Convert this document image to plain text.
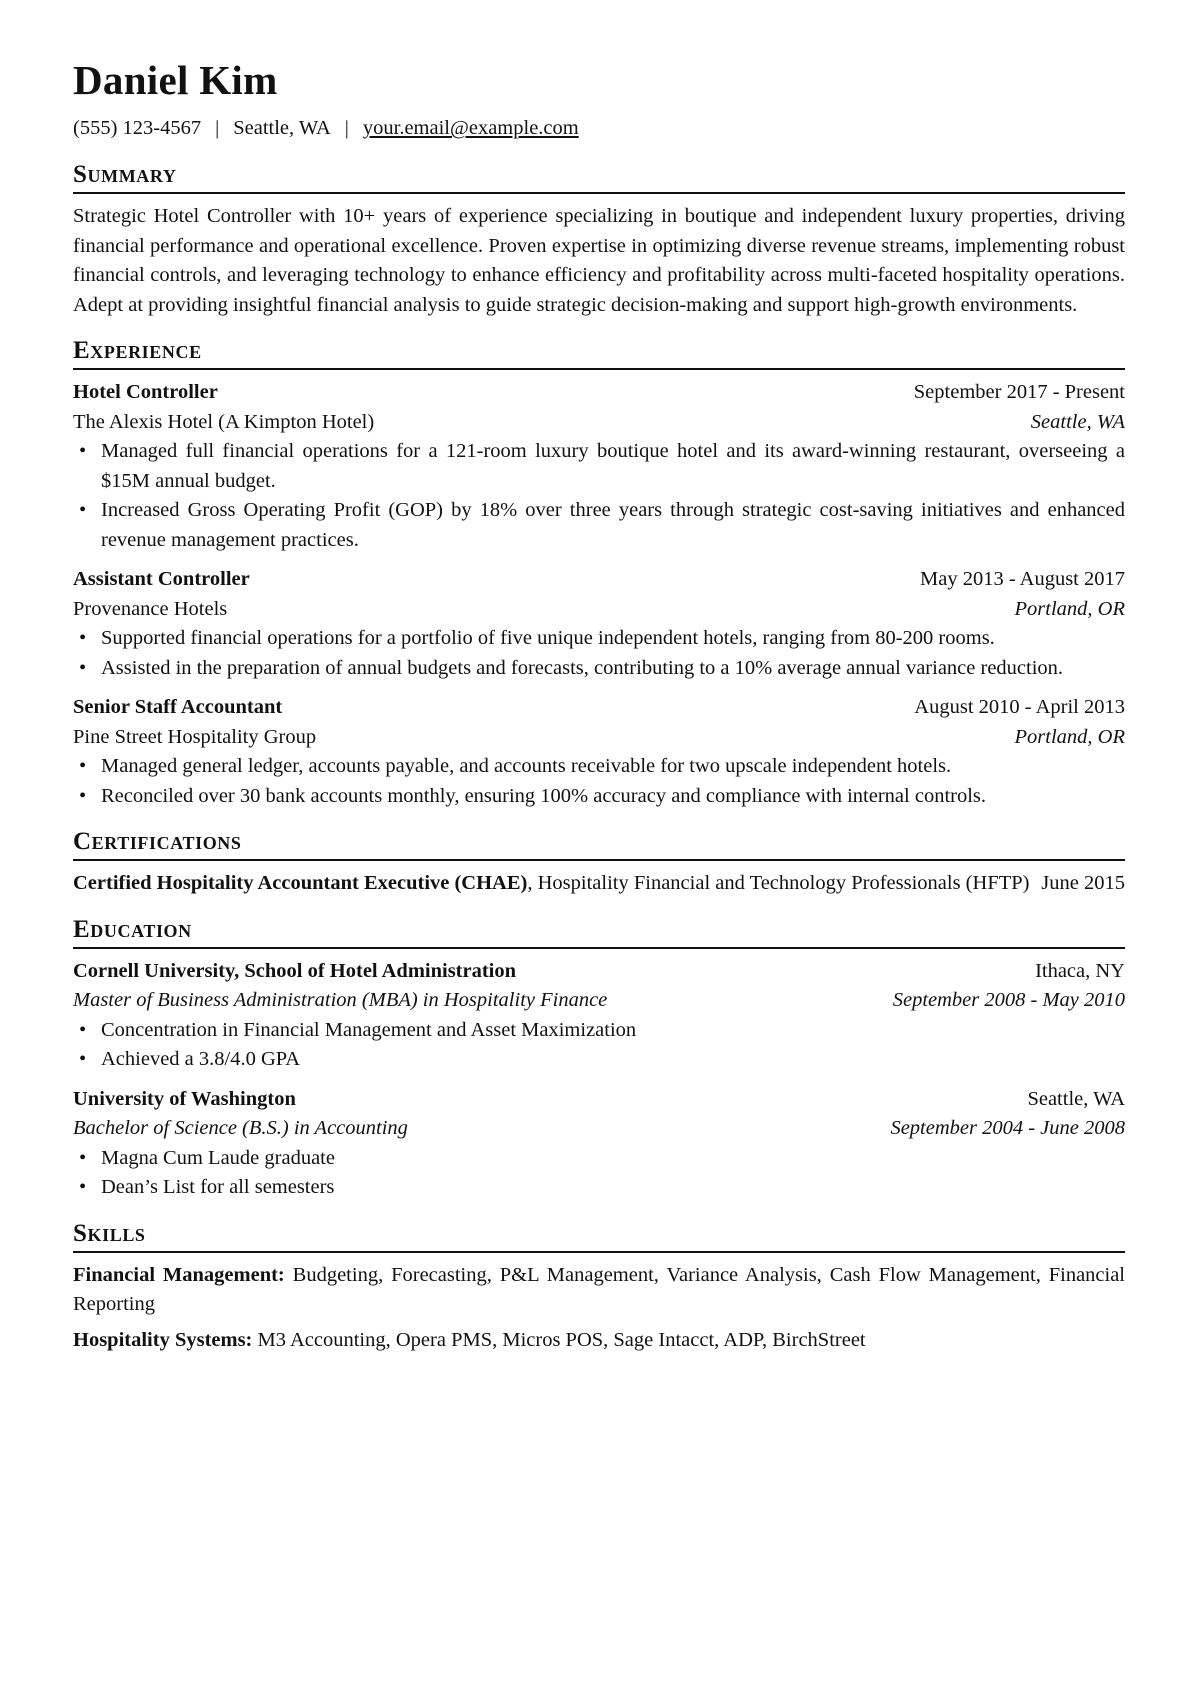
Daniel Kim
(555) 123-4567 | Seattle, WA | your.email@example.com
Summary
Strategic Hotel Controller with 10+ years of experience specializing in boutique and independent luxury properties, driving financial performance and operational excellence. Proven expertise in optimizing diverse revenue streams, implementing robust financial controls, and leveraging technology to enhance efficiency and profitability across multi-faceted hospitality operations. Adept at providing insightful financial analysis to guide strategic decision-making and support high-growth environments.
Experience
Hotel Controller	September 2017 - Present
The Alexis Hotel (A Kimpton Hotel)	Seattle, WA
• Managed full financial operations for a 121-room luxury boutique hotel and its award-winning restaurant, overseeing a $15M annual budget.
• Increased Gross Operating Profit (GOP) by 18% over three years through strategic cost-saving initiatives and enhanced revenue management practices.
Assistant Controller	May 2013 - August 2017
Provenance Hotels	Portland, OR
• Supported financial operations for a portfolio of five unique independent hotels, ranging from 80-200 rooms.
• Assisted in the preparation of annual budgets and forecasts, contributing to a 10% average annual variance reduction.
Senior Staff Accountant	August 2010 - April 2013
Pine Street Hospitality Group	Portland, OR
• Managed general ledger, accounts payable, and accounts receivable for two upscale independent hotels.
• Reconciled over 30 bank accounts monthly, ensuring 100% accuracy and compliance with internal controls.
Certifications
Certified Hospitality Accountant Executive (CHAE), Hospitality Financial and Technology Professionals (HFTP) June 2015
Education
Cornell University, School of Hotel Administration	Ithaca, NY
Master of Business Administration (MBA) in Hospitality Finance	September 2008 - May 2010
• Concentration in Financial Management and Asset Maximization
• Achieved a 3.8/4.0 GPA
University of Washington	Seattle, WA
Bachelor of Science (B.S.) in Accounting	September 2004 - June 2008
• Magna Cum Laude graduate
• Dean’s List for all semesters
Skills
Financial Management: Budgeting, Forecasting, P&L Management, Variance Analysis, Cash Flow Management, Financial Reporting
Hospitality Systems: M3 Accounting, Opera PMS, Micros POS, Sage Intacct, ADP, BirchStreet
